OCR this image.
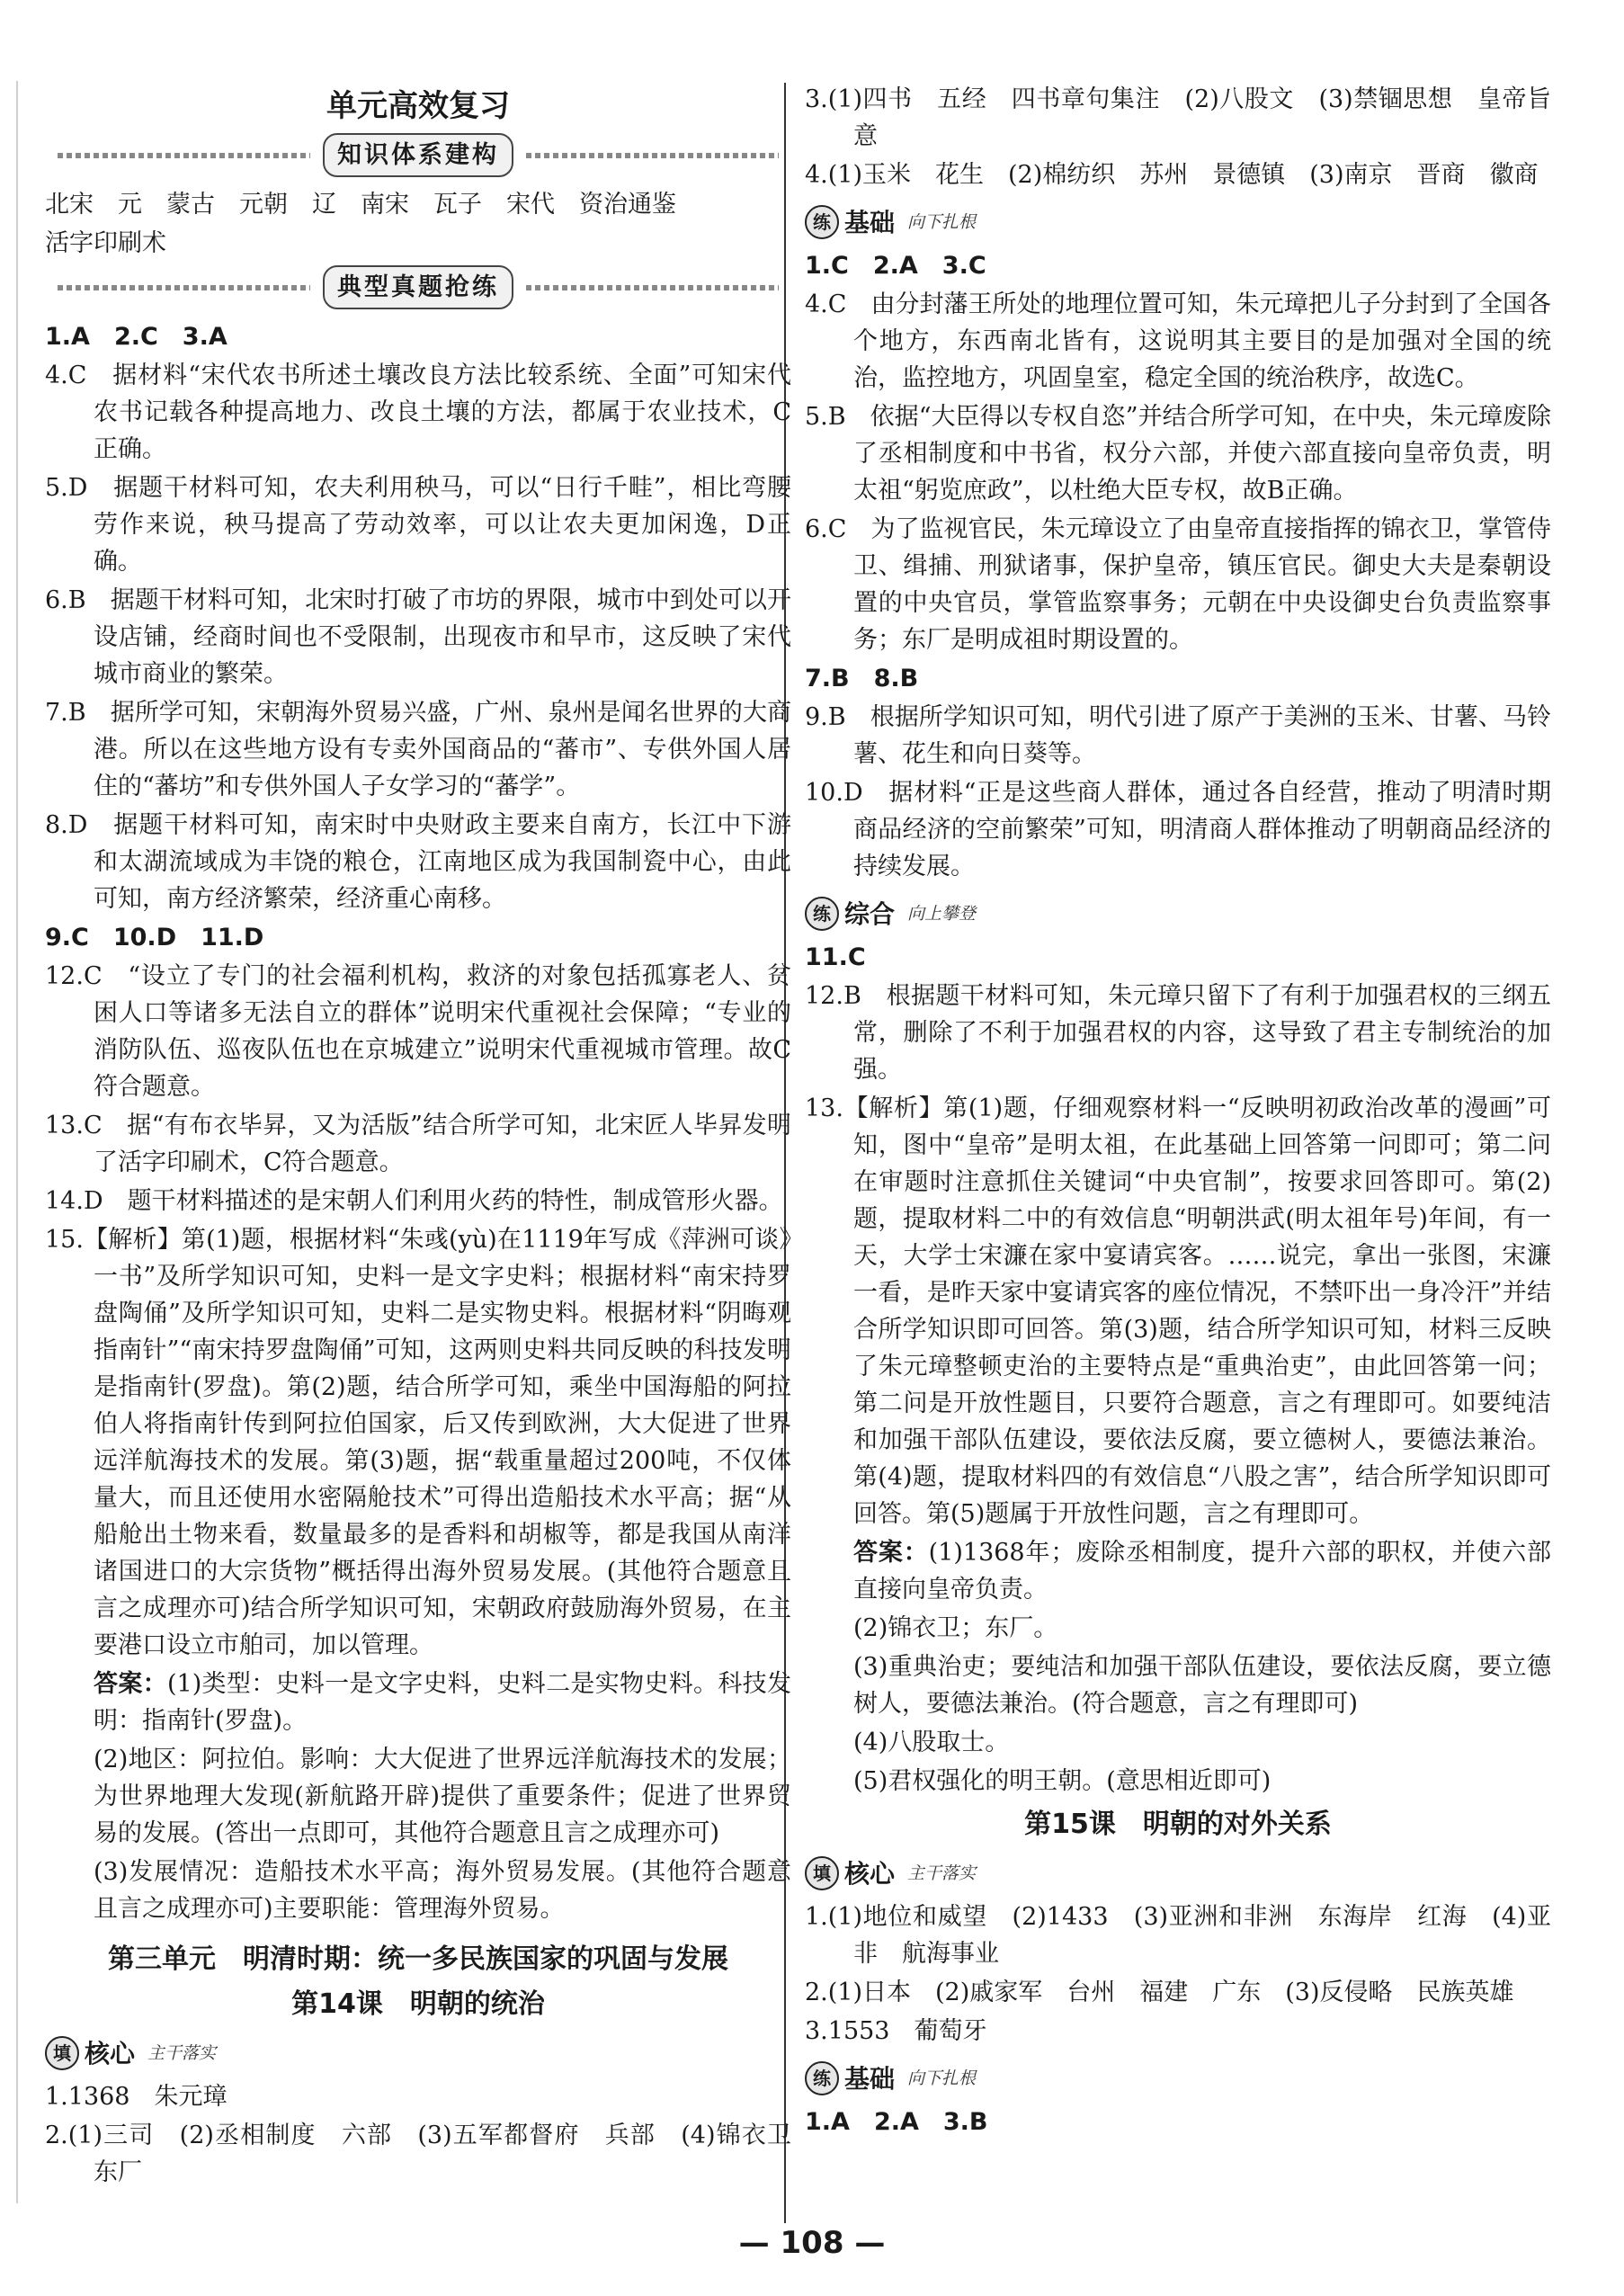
单元高效复习
知识体系建构

北宋　元　蒙古　元朝　辽　南宋　瓦子　宋代　资治通鉴

活字印刷术

典型真题抢练

1.A　2.C　3.A

4.C　据材料“宋代农书所述土壤改良方法比较系统、全面”可知宋代农书记载各种提高地力、改良土壤的方法，都属于农业技术，C正确。

5.D　据题干材料可知，农夫利用秧马，可以“日行千畦”，相比弯腰劳作来说，秧马提高了劳动效率，可以让农夫更加闲逸，D正确。

6.B　据题干材料可知，北宋时打破了市坊的界限，城市中到处可以开设店铺，经商时间也不受限制，出现夜市和早市，这反映了宋代城市商业的繁荣。

7.B　据所学可知，宋朝海外贸易兴盛，广州、泉州是闻名世界的大商港。所以在这些地方设有专卖外国商品的“蕃市”、专供外国人居住的“蕃坊”和专供外国人子女学习的“蕃学”。

8.D　据题干材料可知，南宋时中央财政主要来自南方，长江中下游和太湖流域成为丰饶的粮仓，江南地区成为我国制瓷中心，由此可知，南方经济繁荣，经济重心南移。

9.C　10.D　11.D

12.C　“设立了专门的社会福利机构，救济的对象包括孤寡老人、贫困人口等诸多无法自立的群体”说明宋代重视社会保障；“专业的消防队伍、巡夜队伍也在京城建立”说明宋代重视城市管理。故C符合题意。

13.C　据“有布衣毕昇，又为活版”结合所学可知，北宋匠人毕昇发明了活字印刷术，C符合题意。

14.D　题干材料描述的是宋朝人们利用火药的特性，制成管形火器。

15.【解析】第(1)题，根据材料“朱彧(yù)在1119年写成《萍洲可谈》一书”及所学知识可知，史料一是文字史料；根据材料“南宋持罗盘陶俑”及所学知识可知，史料二是实物史料。根据材料“阴晦观指南针”“南宋持罗盘陶俑”可知，这两则史料共同反映的科技发明是指南针(罗盘)。第(2)题，结合所学可知，乘坐中国海船的阿拉伯人将指南针传到阿拉伯国家，后又传到欧洲，大大促进了世界远洋航海技术的发展。第(3)题，据“载重量超过200吨，不仅体量大，而且还使用水密隔舱技术”可得出造船技术水平高；据“从船舱出土物来看，数量最多的是香料和胡椒等，都是我国从南洋诸国进口的大宗货物”概括得出海外贸易发展。(其他符合题意且言之成理亦可)结合所学知识可知，宋朝政府鼓励海外贸易，在主要港口设立市舶司，加以管理。

答案：(1)类型：史料一是文字史料，史料二是实物史料。科技发明：指南针(罗盘)。

(2)地区：阿拉伯。影响：大大促进了世界远洋航海技术的发展；为世界地理大发现(新航路开辟)提供了重要条件；促进了世界贸易的发展。(答出一点即可，其他符合题意且言之成理亦可)

(3)发展情况：造船技术水平高；海外贸易发展。(其他符合题意且言之成理亦可)主要职能：管理海外贸易。

第三单元　明清时期：统一多民族国家的巩固与发展
第14课　明朝的统治
填 核心 主干落实

1.1368　朱元璋

2.(1)三司　(2)丞相制度　六部　(3)五军都督府　兵部　(4)锦衣卫　东厂

3.(1)四书　五经　四书章句集注　(2)八股文　(3)禁锢思想　皇帝旨意

4.(1)玉米　花生　(2)棉纺织　苏州　景德镇　(3)南京　晋商　徽商

练 基础 向下扎根

1.C　2.A　3.C

4.C　由分封藩王所处的地理位置可知，朱元璋把儿子分封到了全国各个地方，东西南北皆有，这说明其主要目的是加强对全国的统治，监控地方，巩固皇室，稳定全国的统治秩序，故选C。

5.B　依据“大臣得以专权自恣”并结合所学可知，在中央，朱元璋废除了丞相制度和中书省，权分六部，并使六部直接向皇帝负责，明太祖“躬览庶政”，以杜绝大臣专权，故B正确。

6.C　为了监视官民，朱元璋设立了由皇帝直接指挥的锦衣卫，掌管侍卫、缉捕、刑狱诸事，保护皇帝，镇压官民。御史大夫是秦朝设置的中央官员，掌管监察事务；元朝在中央设御史台负责监察事务；东厂是明成祖时期设置的。

7.B　8.B

9.B　根据所学知识可知，明代引进了原产于美洲的玉米、甘薯、马铃薯、花生和向日葵等。

10.D　据材料“正是这些商人群体，通过各自经营，推动了明清时期商品经济的空前繁荣”可知，明清商人群体推动了明朝商品经济的持续发展。

练 综合 向上攀登

11.C

12.B　根据题干材料可知，朱元璋只留下了有利于加强君权的三纲五常，删除了不利于加强君权的内容，这导致了君主专制统治的加强。

13.【解析】第(1)题，仔细观察材料一“反映明初政治改革的漫画”可知，图中“皇帝”是明太祖，在此基础上回答第一问即可；第二问在审题时注意抓住关键词“中央官制”，按要求回答即可。第(2)题，提取材料二中的有效信息“明朝洪武(明太祖年号)年间，有一天，大学士宋濂在家中宴请宾客。……说完，拿出一张图，宋濂一看，是昨天家中宴请宾客的座位情况，不禁吓出一身冷汗”并结合所学知识即可回答。第(3)题，结合所学知识可知，材料三反映了朱元璋整顿吏治的主要特点是“重典治吏”，由此回答第一问；第二问是开放性题目，只要符合题意，言之有理即可。如要纯洁和加强干部队伍建设，要依法反腐，要立德树人，要德法兼治。第(4)题，提取材料四的有效信息“八股之害”，结合所学知识即可回答。第(5)题属于开放性问题，言之有理即可。

答案：(1)1368年；废除丞相制度，提升六部的职权，并使六部直接向皇帝负责。

(2)锦衣卫；东厂。

(3)重典治吏；要纯洁和加强干部队伍建设，要依法反腐，要立德树人，要德法兼治。(符合题意，言之有理即可)

(4)八股取士。

(5)君权强化的明王朝。(意思相近即可)

第15课　明朝的对外关系
填 核心 主干落实

1.(1)地位和威望　(2)1433　(3)亚洲和非洲　东海岸　红海　(4)亚非　航海事业

2.(1)日本　(2)戚家军　台州　福建　广东　(3)反侵略　民族英雄

3.1553　葡萄牙

练 基础 向下扎根

1.A　2.A　3.B

— 108 —
